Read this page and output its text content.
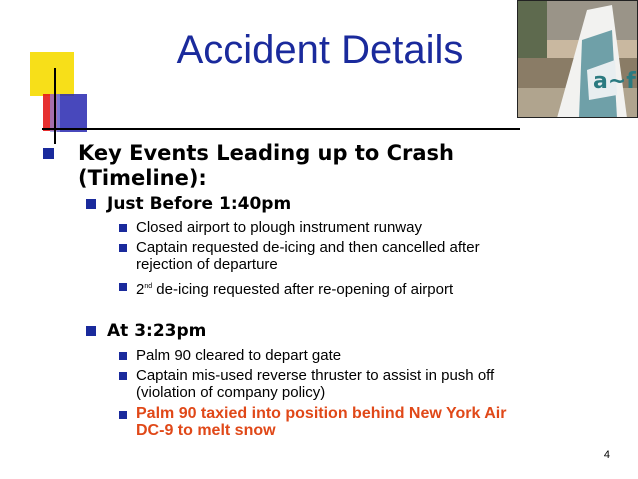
Accident Details
a~f
Key Events Leading up to Crash
(Timeline):
Just Before 1:40pm
Closed airport to plough instrument runway
Captain requested de-icing and then cancelled after
rejection of departure
2nd de-icing requested after re-opening of airport
At 3:23pm
Palm 90 cleared to depart gate
Captain mis-used reverse thruster to assist in push off
(violation of company policy)
Palm 90 taxied into position behind New York Air
DC-9 to melt snow
4
